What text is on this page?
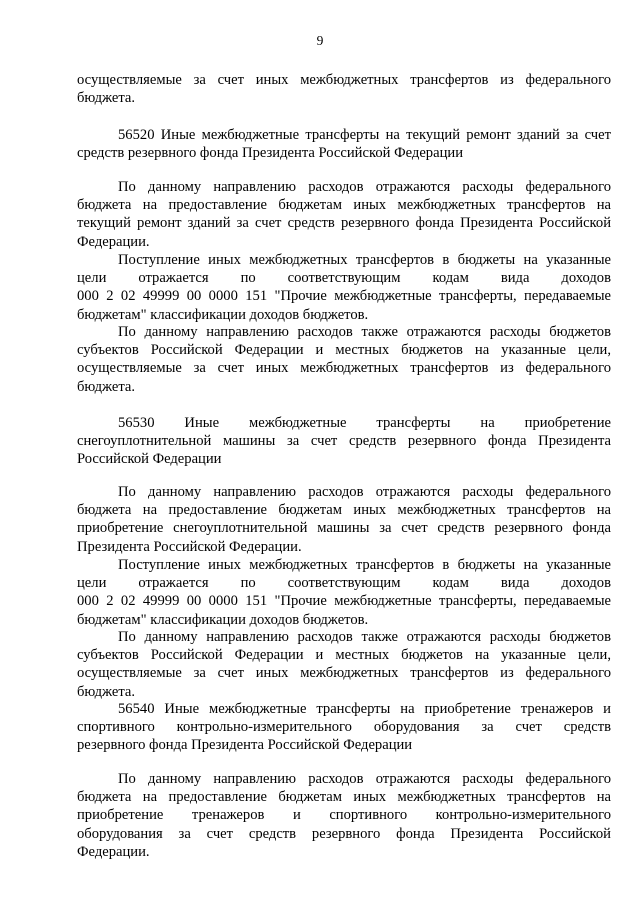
9
осуществляемые за счет иных межбюджетных трансфертов из федерального
бюджета.
56520 Иные межбюджетные трансферты на текущий ремонт зданий за счет
средств резервного фонда Президента Российской Федерации
По данному направлению расходов отражаются расходы федерального
бюджета на предоставление бюджетам иных межбюджетных трансфертов на
текущий ремонт зданий за счет средств резервного фонда Президента Российской
Федерации.
Поступление иных межбюджетных трансфертов в бюджеты на указанные
цели отражается по соответствующим кодам вида доходов
000 2 02 49999 00 0000 151 "Прочие межбюджетные трансферты, передаваемые
бюджетам" классификации доходов бюджетов.
По данному направлению расходов также отражаются расходы бюджетов
субъектов Российской Федерации и местных бюджетов на указанные цели,
осуществляемые за счет иных межбюджетных трансфертов из федерального
бюджета.
56530 Иные межбюджетные трансферты на приобретение
снегоуплотнительной машины за счет средств резервного фонда Президента
Российской Федерации
По данному направлению расходов отражаются расходы федерального
бюджета на предоставление бюджетам иных межбюджетных трансфертов на
приобретение снегоуплотнительной машины за счет средств резервного фонда
Президента Российской Федерации.
Поступление иных межбюджетных трансфертов в бюджеты на указанные
цели отражается по соответствующим кодам вида доходов
000 2 02 49999 00 0000 151 "Прочие межбюджетные трансферты, передаваемые
бюджетам" классификации доходов бюджетов.
По данному направлению расходов также отражаются расходы бюджетов
субъектов Российской Федерации и местных бюджетов на указанные цели,
осуществляемые за счет иных межбюджетных трансфертов из федерального
бюджета.
56540 Иные межбюджетные трансферты на приобретение тренажеров и
спортивного контрольно-измерительного оборудования за счет средств
резервного фонда Президента Российской Федерации
По данному направлению расходов отражаются расходы федерального
бюджета на предоставление бюджетам иных межбюджетных трансфертов на
приобретение тренажеров и спортивного контрольно-измерительного
оборудования за счет средств резервного фонда Президента Российской
Федерации.
